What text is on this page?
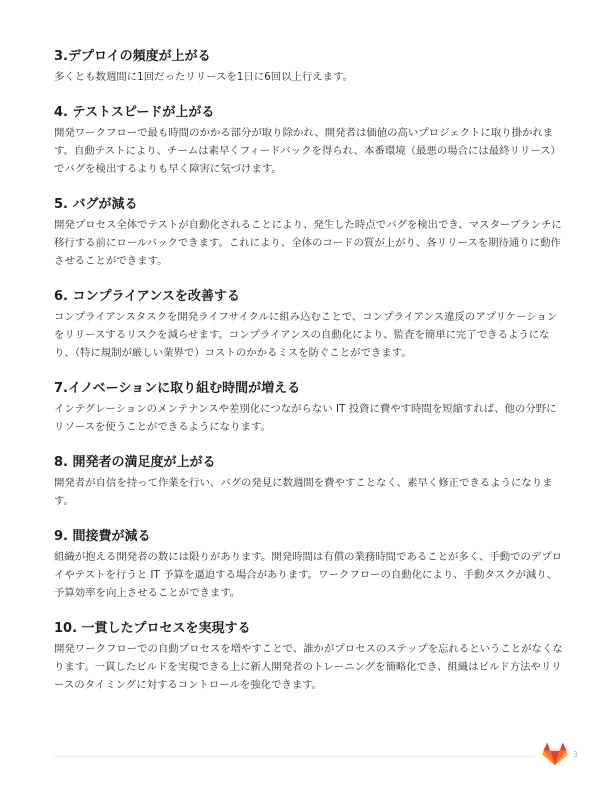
3.デプロイの頻度が上がる

多くとも数週間に1回だったリリースを1日に6回以上行えます。

4. テストスピードが上がる

開発ワークフローで最も時間のかかる部分が取り除かれ、開発者は価値の高いプロジェクトに取り掛かれます。自動テストにより、チームは素早くフィードバックを得られ、本番環境（最悪の場合には最終リリース）でバグを検出するよりも早く障害に気づけます。

5. バグが減る

開発プロセス全体でテストが自動化されることにより、発生した時点でバグを検出でき、マスターブランチに移行する前にロールバックできます。これにより、全体のコードの質が上がり、各リリースを期待通りに動作させることができます。

6. コンプライアンスを改善する

コンプライアンスタスクを開発ライフサイクルに組み込むことで、コンプライアンス違反のアプリケーションをリリースするリスクを減らせます。コンプライアンスの自動化により、監査を簡単に完了できるようになり、（特に規制が厳しい業界で）コストのかかるミスを防ぐことができます。

7.イノベーションに取り組む時間が増える

インテグレーションのメンテナンスや差別化につながらない IT 投資に費やす時間を短縮すれば、他の分野にリソースを使うことができるようになります。

8. 開発者の満足度が上がる

開発者が自信を持って作業を行い、バグの発見に数週間を費やすことなく、素早く修正できるようになります。

9. 間接費が減る

組織が抱える開発者の数には限りがあります。開発時間は有償の業務時間であることが多く、手動でのデプロイやテストを行うと IT 予算を逼迫する場合があります。ワークフローの自動化により、手動タスクが減り、予算効率を向上させることができます。

10. 一貫したプロセスを実現する

開発ワークフローでの自動プロセスを増やすことで、誰かがプロセスのステップを忘れるということがなくなります。一貫したビルドを実現できる上に新人開発者のトレーニングを簡略化でき、組織はビルド方法やリリースのタイミングに対するコントロールを強化できます。

3
